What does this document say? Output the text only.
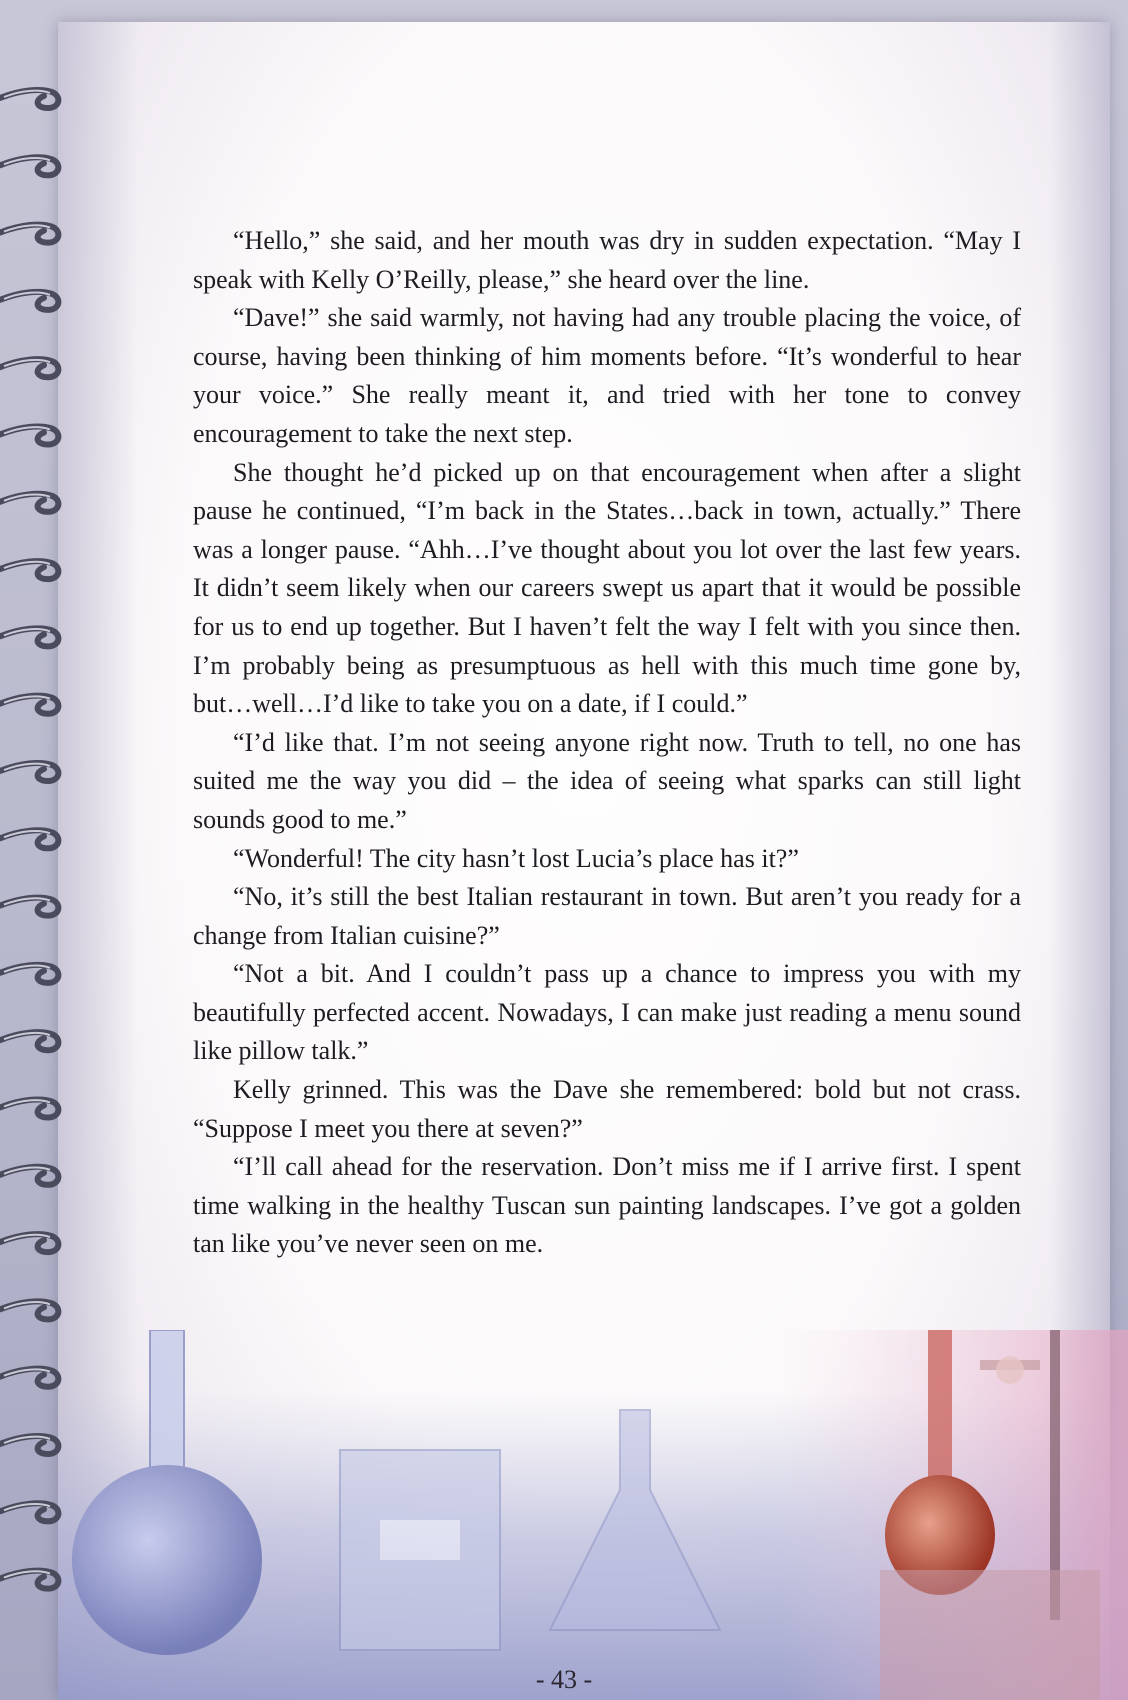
“Hello,” she said, and her mouth was dry in sudden expectation. “May I speak with Kelly O’Reilly, please,” she heard over the line.

“Dave!” she said warmly, not having had any trouble placing the voice, of course, having been thinking of him moments before. “It’s wonderful to hear your voice.” She really meant it, and tried with her tone to convey encouragement to take the next step.

She thought he’d picked up on that encouragement when after a slight pause he continued, “I’m back in the States…back in town, actually.” There was a longer pause. “Ahh…I’ve thought about you lot over the last few years. It didn’t seem likely when our careers swept us apart that it would be possible for us to end up together. But I haven’t felt the way I felt with you since then. I’m probably being as presumptuous as hell with this much time gone by, but…well…I’d like to take you on a date, if I could.”

“I’d like that. I’m not seeing anyone right now. Truth to tell, no one has suited me the way you did – the idea of seeing what sparks can still light sounds good to me.”

“Wonderful! The city hasn’t lost Lucia’s place has it?”

“No, it’s still the best Italian restaurant in town. But aren’t you ready for a change from Italian cuisine?”

“Not a bit. And I couldn’t pass up a chance to impress you with my beautifully perfected accent. Nowadays, I can make just reading a menu sound like pillow talk.”

Kelly grinned. This was the Dave she remembered: bold but not crass. “Suppose I meet you there at seven?”

“I’ll call ahead for the reservation. Don’t miss me if I arrive first. I spent time walking in the healthy Tuscan sun painting landscapes. I’ve got a golden tan like you’ve never seen on me.

- 43 -
